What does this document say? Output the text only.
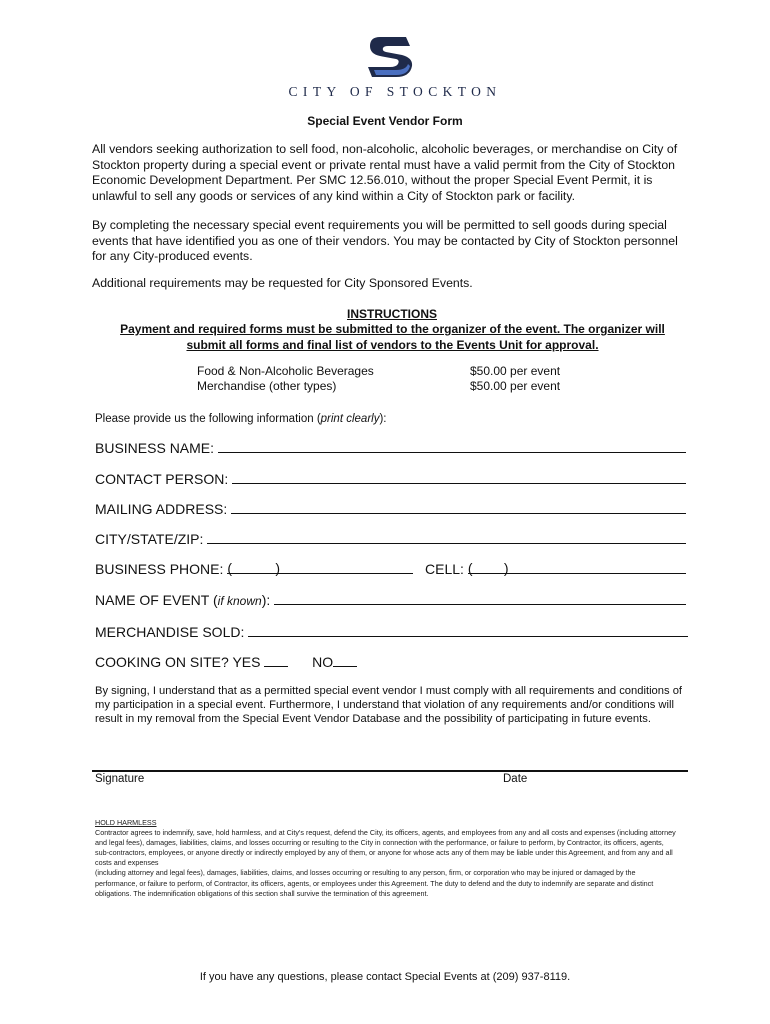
CITY OF STOCKTON
Special Event Vendor Form
All vendors seeking authorization to sell food, non-alcoholic, alcoholic beverages, or merchandise on City of Stockton property during a special event or private rental must have a valid permit from the City of Stockton Economic Development Department. Per SMC 12.56.010, without the proper Special Event Permit, it is unlawful to sell any goods or services of any kind within a City of Stockton park or facility.
By completing the necessary special event requirements you will be permitted to sell goods during special events that have identified you as one of their vendors. You may be contacted by City of Stockton personnel for any City-produced events.
Additional requirements may be requested for City Sponsored Events.
INSTRUCTIONS
Payment and required forms must be submitted to the organizer of the event. The organizer will submit all forms and final list of vendors to the Events Unit for approval.
Food & Non-Alcoholic Beverages	$50.00 per event
Merchandise (other types)	$50.00 per event
Please provide us the following information (print clearly):
BUSINESS NAME:
CONTACT PERSON:
MAILING ADDRESS:
CITY/STATE/ZIP:
BUSINESS PHONE: (	)	CELL: ( )
NAME OF EVENT (if known):
MERCHANDISE SOLD:
COOKING ON SITE? YES	NO
By signing, I understand that as a permitted special event vendor I must comply with all requirements and conditions of my participation in a special event. Furthermore, I understand that violation of any requirements and/or conditions will result in my removal from the Special Event Vendor Database and the possibility of participating in future events.
Signature	Date
HOLD HARMLESS
Contractor agrees to indemnify, save, hold harmless, and at City's request, defend the City, its officers, agents, and employees from any and all costs and expenses (including attorney
and legal fees), damages, liabilities, claims, and losses occurring or resulting to the City in connection with the performance, or failure to perform, by Contractor, its officers, agents,
sub-contractors, employees, or anyone directly or indirectly employed by any of them, or anyone for whose acts any of them may be liable under this Agreement, and from any and all
costs and expenses
(including attorney and legal fees), damages, liabilities, claims, and losses occurring or resulting to any person, firm, or corporation who may be injured or damaged by the
performance, or failure to perform, of Contractor, its officers, agents, or employees under this Agreement. The duty to defend and the duty to indemnify are separate and distinct
obligations. The indemnification obligations of this section shall survive the termination of this agreement.
If you have any questions, please contact Special Events at (209) 937-8119.
